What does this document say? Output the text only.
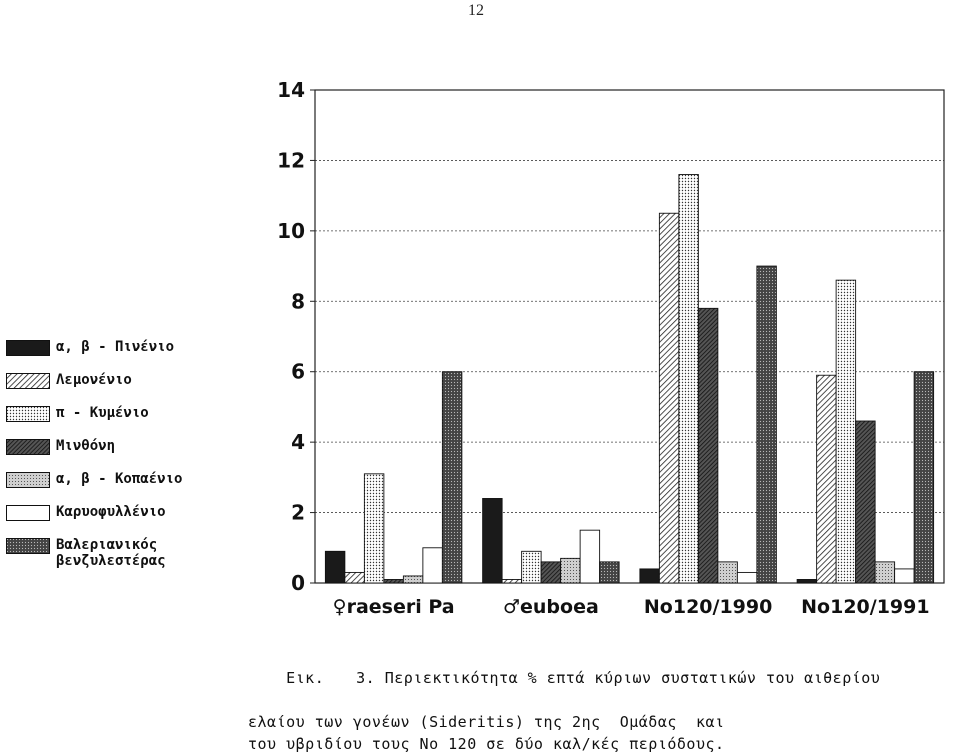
12
α, β - Πινένιο
Λεμονένιο
π - Κυμένιο
Μινθόνη
α, β - Κοπαένιο
Καρυοφυλλένιο
Βαλεριανικός
βενζυλεστέρας
0
2
4
6
8
10
12
14
♀raeseri Pa	♂euboea No120/1990 No120/1991

Εικ. 3. Περιεκτικότητα % επτά κύριων συστατικών του αιθερίου

ελαίου των γονέων (Sideritis) της 2ης  Ομάδας  και
του υβριδίου τους Νο 120 σε δύο καλ/κές περιόδους.
